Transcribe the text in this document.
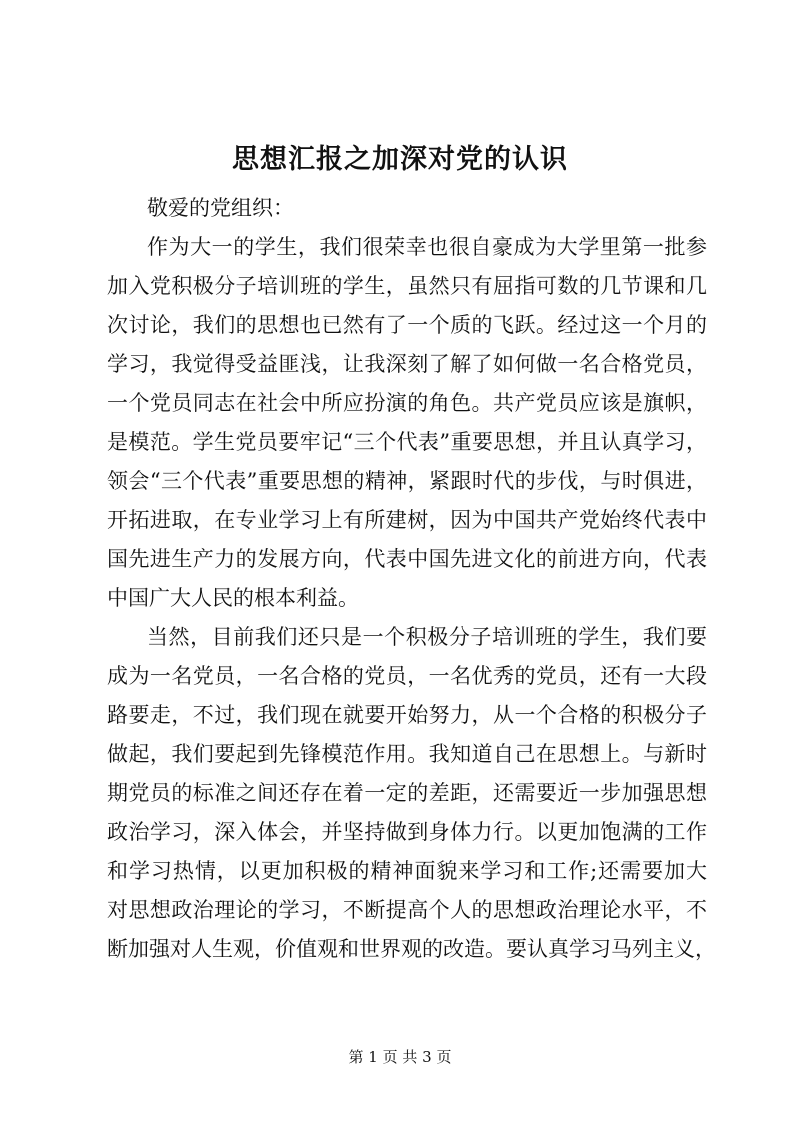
思想汇报之加深对党的认识
敬爱的党组织：
作为大一的学生，我们很荣幸也很自豪成为大学里第一批参
加入党积极分子培训班的学生，虽然只有屈指可数的几节课和几
次讨论，我们的思想也已然有了一个质的飞跃。经过这一个月的
学习，我觉得受益匪浅，让我深刻了解了如何做一名合格党员，
一个党员同志在社会中所应扮演的角色。共产党员应该是旗帜，
是模范。学生党员要牢记“三个代表”重要思想，并且认真学习，
领会“三个代表”重要思想的精神，紧跟时代的步伐，与时俱进，
开拓进取，在专业学习上有所建树，因为中国共产党始终代表中
国先进生产力的发展方向，代表中国先进文化的前进方向，代表
中国广大人民的根本利益。
当然，目前我们还只是一个积极分子培训班的学生，我们要
成为一名党员，一名合格的党员，一名优秀的党员，还有一大段
路要走，不过，我们现在就要开始努力，从一个合格的积极分子
做起，我们要起到先锋模范作用。我知道自己在思想上。与新时
期党员的标准之间还存在着一定的差距，还需要近一步加强思想
政治学习，深入体会，并坚持做到身体力行。以更加饱满的工作
和学习热情，以更加积极的精神面貌来学习和工作;还需要加大
对思想政治理论的学习，不断提高个人的思想政治理论水平，不
断加强对人生观，价值观和世界观的改造。要认真学习马列主义，
第 1 页 共 3 页
